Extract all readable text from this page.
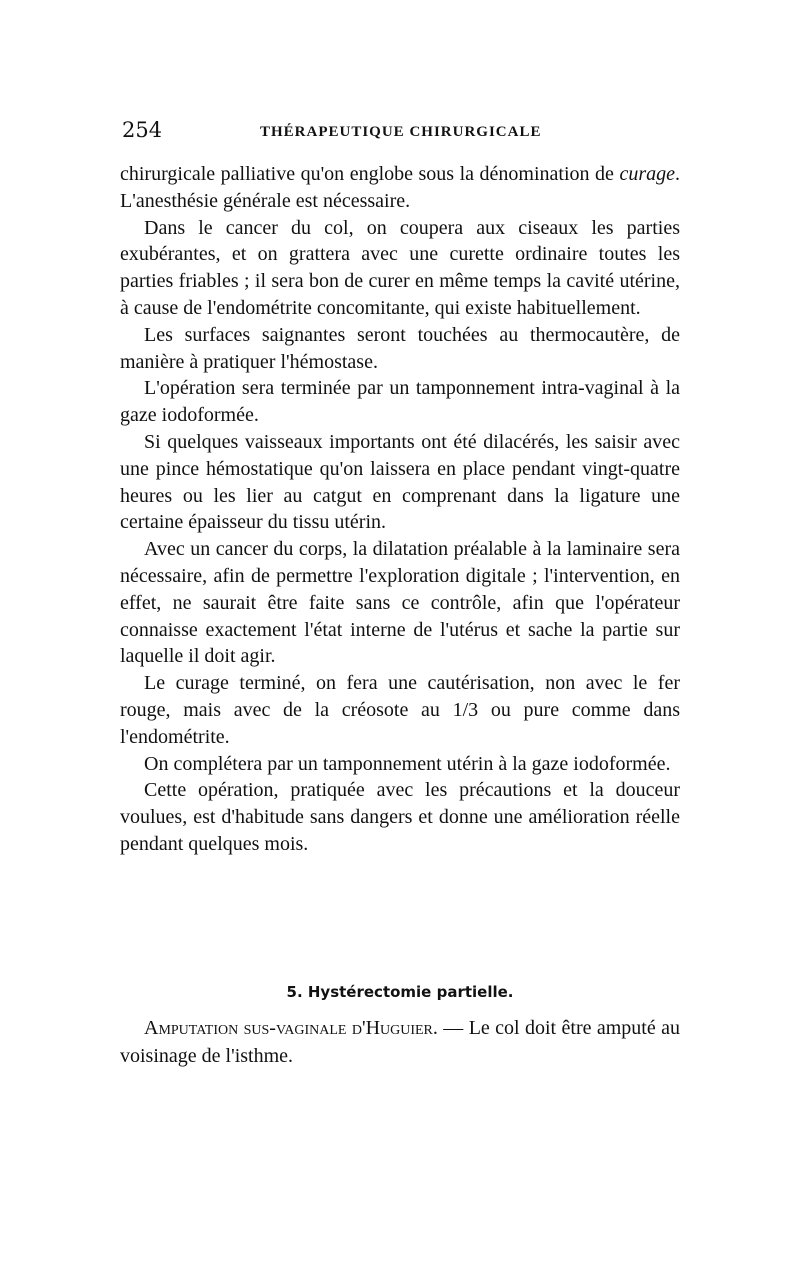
254	THÉRAPEUTIQUE CHIRURGICALE

chirurgicale palliative qu'on englobe sous la dénomination de curage. L'anesthésie générale est nécessaire.

Dans le cancer du col, on coupera aux ciseaux les parties exubérantes, et on grattera avec une curette ordinaire toutes les parties friables ; il sera bon de curer en même temps la cavité utérine, à cause de l'endométrite concomitante, qui existe habituellement.

Les surfaces saignantes seront touchées au thermocautère, de manière à pratiquer l'hémostase.

L'opération sera terminée par un tamponnement intra-vaginal à la gaze iodoformée.

Si quelques vaisseaux importants ont été dilacérés, les saisir avec une pince hémostatique qu'on laissera en place pendant vingt-quatre heures ou les lier au catgut en comprenant dans la ligature une certaine épaisseur du tissu utérin.

Avec un cancer du corps, la dilatation préalable à la laminaire sera nécessaire, afin de permettre l'exploration digitale ; l'intervention, en effet, ne saurait être faite sans ce contrôle, afin que l'opérateur connaisse exactement l'état interne de l'utérus et sache la partie sur laquelle il doit agir.

Le curage terminé, on fera une cautérisation, non avec le fer rouge, mais avec de la créosote au 1/3 ou pure comme dans l'endométrite.

On complétera par un tamponnement utérin à la gaze iodoformée.

Cette opération, pratiquée avec les précautions et la douceur voulues, est d'habitude sans dangers et donne une amélioration réelle pendant quelques mois.

5. Hystérectomie partielle.

Amputation sus-vaginale d'Huguier. — Le col doit être amputé au voisinage de l'isthme.
